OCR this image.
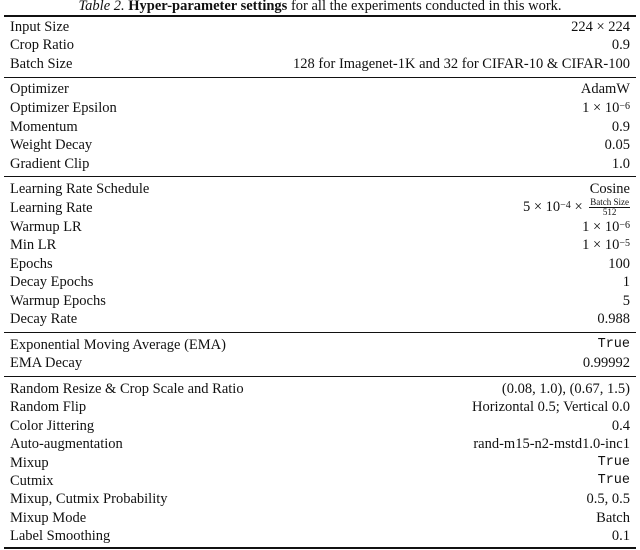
Table 2. Hyper-parameter settings for all the experiments conducted in this work.
Input Size	224 × 224
Crop Ratio	0.9
Batch Size	128 for Imagenet-1K and 32 for CIFAR-10 & CIFAR-100
Optimizer	AdamW
Optimizer Epsilon	$1 \times 10^{-6}$
Momentum	0.9
Weight Decay	0.05
Gradient Clip	1.0
Learning Rate Schedule	Cosine
Learning Rate	$5 \times 10^{-4} \times \frac{\text{Batch Size}}{512}$
Warmup LR	$1 \times 10^{-6}$
Min LR	$1 \times 10^{-5}$
Epochs	100
Decay Epochs	1
Warmup Epochs	5
Decay Rate	0.988
Exponential Moving Average (EMA)	True
EMA Decay	0.99992
Random Resize & Crop Scale and Ratio	(0.08, 1.0), (0.67, 1.5)
Random Flip	Horizontal 0.5; Vertical 0.0
Color Jittering	0.4
Auto-augmentation	rand-m15-n2-mstd1.0-inc1
Mixup	True
Cutmix	True
Mixup, Cutmix Probability	0.5, 0.5
Mixup Mode	Batch
Label Smoothing	0.1
